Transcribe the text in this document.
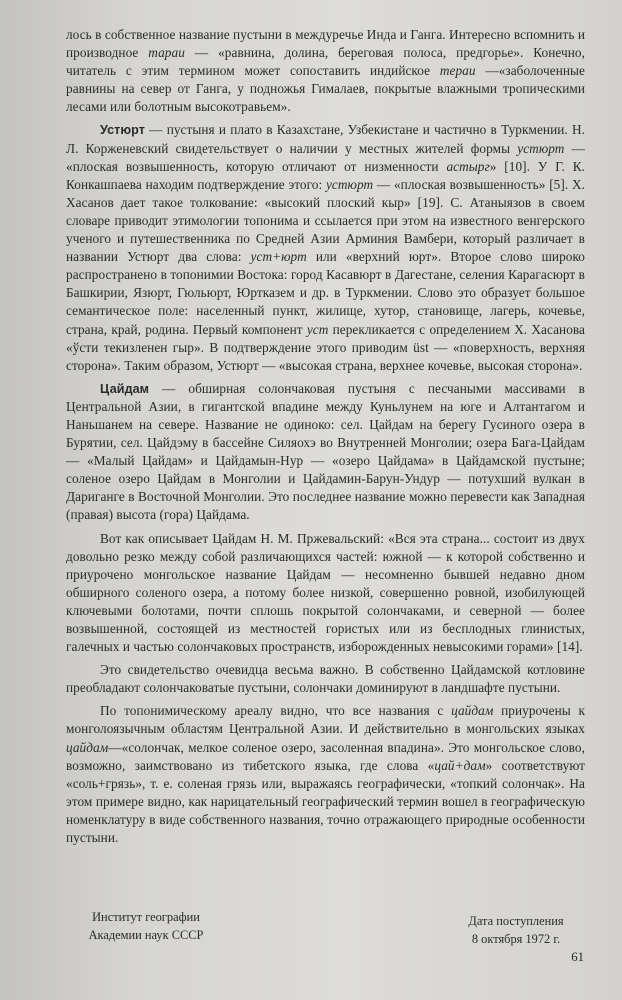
лось в собственное название пустыни в междуречье Инда и Ганга. Интересно вспомнить и производное тараи — «равнина, долина, береговая полоса, предгорье». Конечно, читатель с этим термином может сопоставить индийское тераи —«заболоченные равнины на север от Ганга, у подножья Гималаев, покрытые влажными тропическими лесами или болотным высокотравьем».

Устюрт — пустыня и плато в Казахстане, Узбекистане и частично в Туркмении. Н. Л. Корженевский свидетельствует о наличии у местных жителей формы устюрт — «плоская возвышенность, которую отличают от низменности астырг» [10]. У Г. К. Конкашпаева находим подтверждение этого: устюрт — «плоская возвышенность» [5]. Х. Хасанов дает такое толкование: «высокий плоский кыр» [19]. С. Атаныязов в своем словаре приводит этимологии топонима и ссылается при этом на известного венгерского ученого и путешественника по Средней Азии Арминия Вамбери, который различает в названии Устюрт два слова: уст+юрт или «верхний юрт». Второе слово широко распространено в топонимии Востока: город Касавюрт в Дагестане, селения Карагасюрт в Башкирии, Язюрт, Гюльюрт, Юртказем и др. в Туркмении. Слово это образует большое семантическое поле: населенный пункт, жилище, хутор, становище, лагерь, кочевье, страна, край, родина. Первый компонент уст перекликается с определением Х. Хасанова «ўсти текизленен гыр». В подтверждение этого приводим üst — «поверхность, верхняя сторона». Таким образом, Устюрт — «высокая страна, верхнее кочевье, высокая сторона».

Цайдам — обширная солончаковая пустыня с песчаными массивами в Центральной Азии, в гигантской впадине между Куньлунем на юге и Алтантагом и Наньшанем на севере. Название не одиноко: сел. Цайдам на берегу Гусиного озера в Бурятии, сел. Цайдэму в бассейне Силяохэ во Внутренней Монголии; озера Бага-Цайдам — «Малый Цайдам» и Цайдамын-Нур — «озеро Цайдама» в Цайдамской пустыне; соленое озеро Цайдам в Монголии и Цайдамин-Барун-Ундур — потухший вулкан в Дариганге в Восточной Монголии. Это последнее название можно перевести как Западная (правая) высота (гора) Цайдама.

Вот как описывает Цайдам Н. М. Пржевальский: «Вся эта страна... состоит из двух довольно резко между собой различающихся частей: южной — к которой собственно и приурочено монгольское название Цайдам — несомненно бывшей недавно дном обширного соленого озера, а потому более низкой, совершенно ровной, изобилующей ключевыми болотами, почти сплошь покрытой солончаками, и северной — более возвышенной, состоящей из местностей гористых или из бесплодных глинистых, галечных и частью солончаковых пространств, изборожденных невысокими горами» [14].

Это свидетельство очевидца весьма важно. В собственно Цайдамской котловине преобладают солончаковатые пустыни, солончаки доминируют в ландшафте пустыни.

По топонимическому ареалу видно, что все названия с цайдам приурочены к монголоязычным областям Центральной Азии. И действительно в монгольских языках цайдам—«солончак, мелкое соленое озеро, засоленная впадина». Это монгольское слово, возможно, заимствовано из тибетского языка, где слова «цай+дам» соответствуют «соль+грязь», т. е. соленая грязь или, выражаясь географически, «топкий солончак». На этом примере видно, как нарицательный географический термин вошел в географическую номенклатуру в виде собственного названия, точно отражающего природные особенности пустыни.

Институт географии
Академии наук СССР
Дата поступления
8 октября 1972 г.
61
